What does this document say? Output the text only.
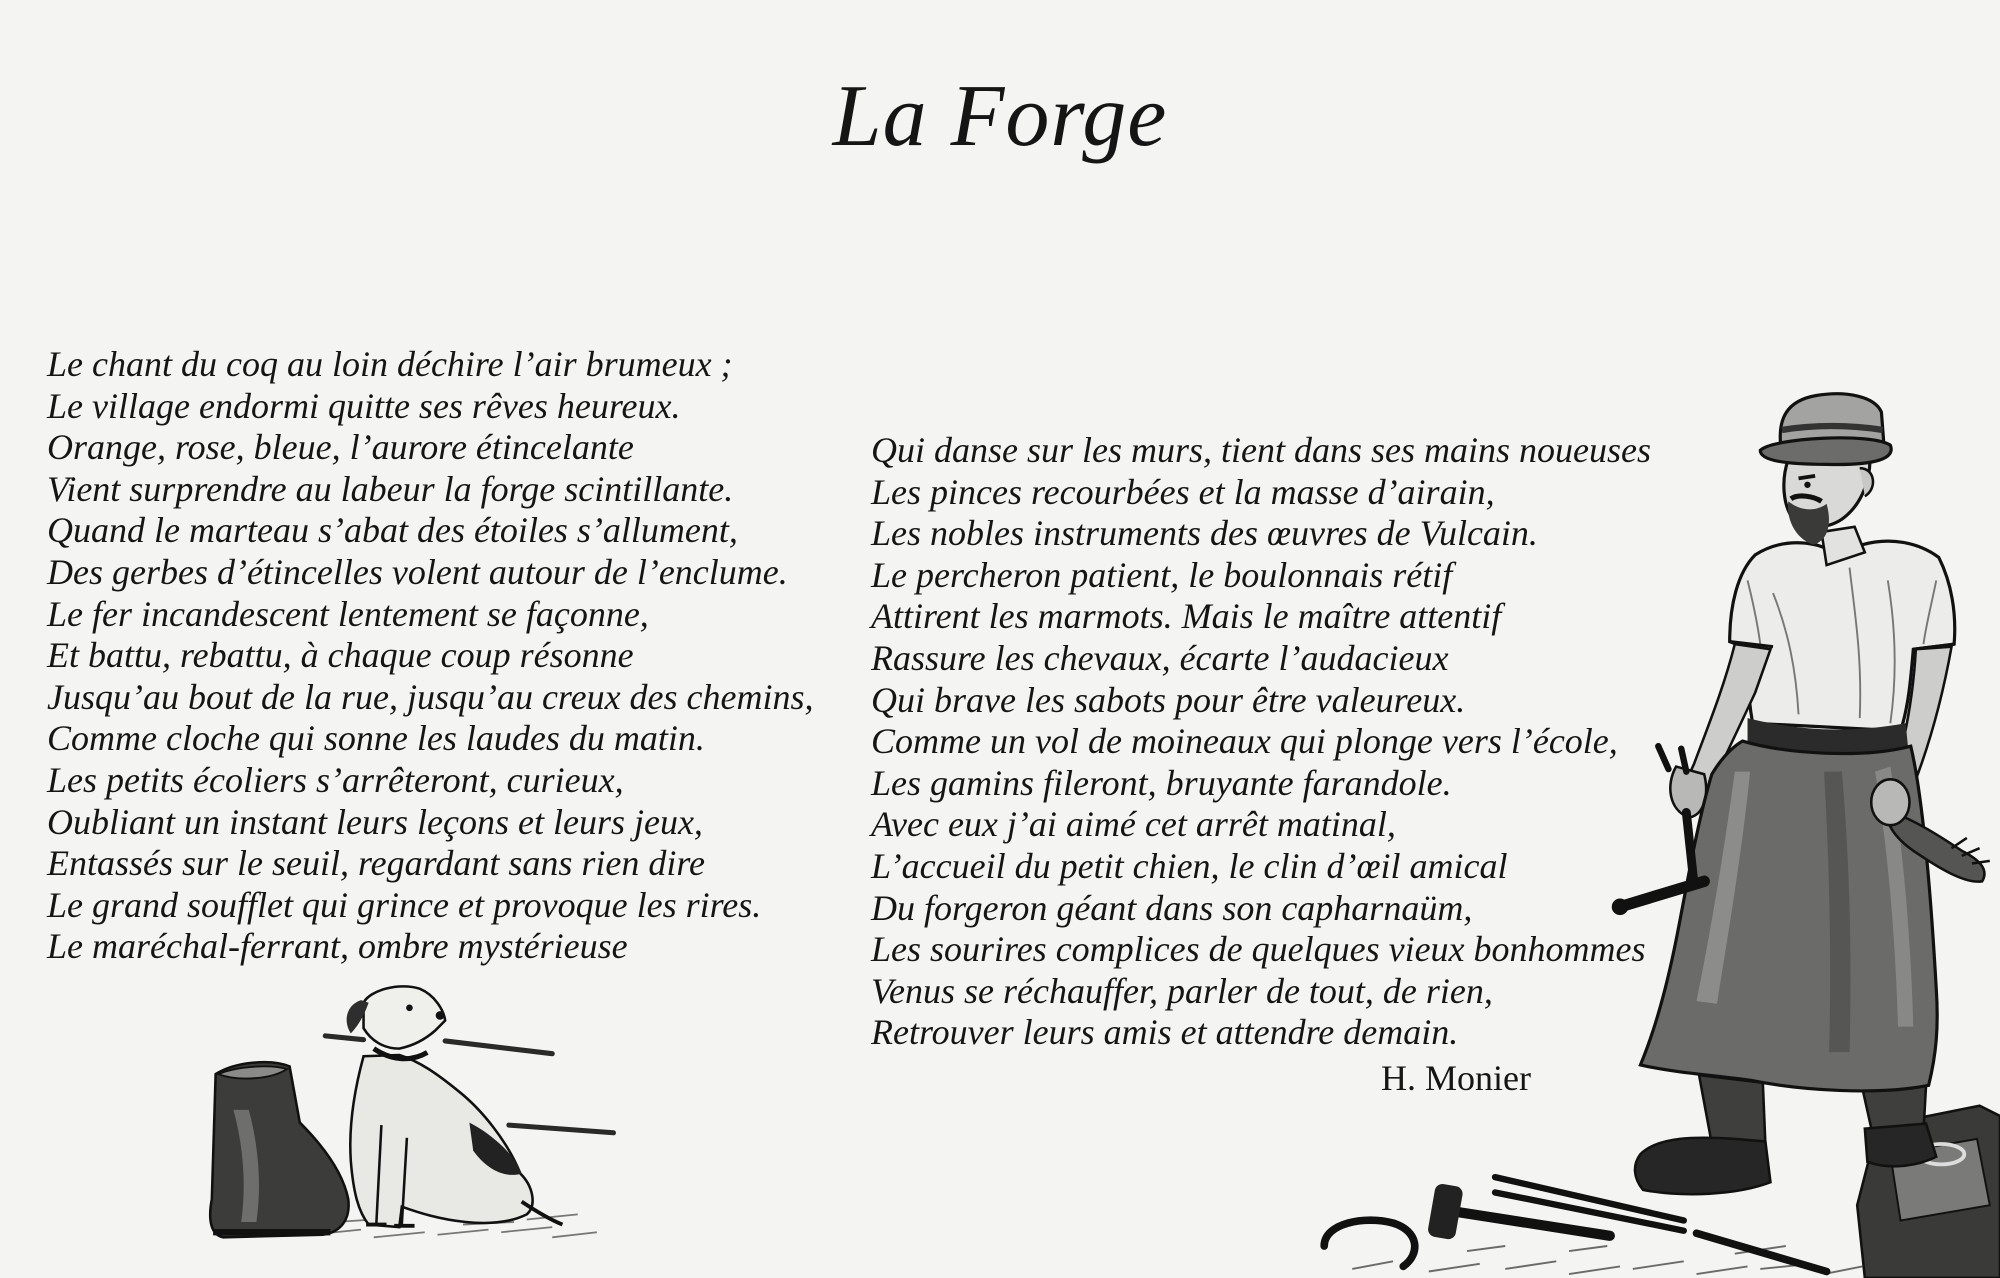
La Forge
Le chant du coq au loin déchire l’air brumeux ;
Le village endormi quitte ses rêves heureux.
Orange, rose, bleue, l’aurore étincelante
Vient surprendre au labeur la forge scintillante.
Quand le marteau s’abat des étoiles s’allument,
Des gerbes d’étincelles volent autour de l’enclume.
Le fer incandescent lentement se façonne,
Et battu, rebattu, à chaque coup résonne
Jusqu’au bout de la rue, jusqu’au creux des chemins,
Comme cloche qui sonne les laudes du matin.
Les petits écoliers s’arrêteront, curieux,
Oubliant un instant leurs leçons et leurs jeux,
Entassés sur le seuil, regardant sans rien dire
Le grand soufflet qui grince et provoque les rires.
Le maréchal-ferrant, ombre mystérieuse
Qui danse sur les murs, tient dans ses mains noueuses
Les pinces recourbées et la masse d’airain,
Les nobles instruments des œuvres de Vulcain.
Le percheron patient, le boulonnais rétif
Attirent les marmots. Mais le maître attentif
Rassure les chevaux, écarte l’audacieux
Qui brave les sabots pour être valeureux.
Comme un vol de moineaux qui plonge vers l’école,
Les gamins fileront, bruyante farandole.
Avec eux j’ai aimé cet arrêt matinal,
L’accueil du petit chien, le clin d’œil amical
Du forgeron géant dans son capharnaüm,
Les sourires complices de quelques vieux bonhommes
Venus se réchauffer, parler de tout, de rien,
Retrouver leurs amis et attendre demain.
H. Monier
